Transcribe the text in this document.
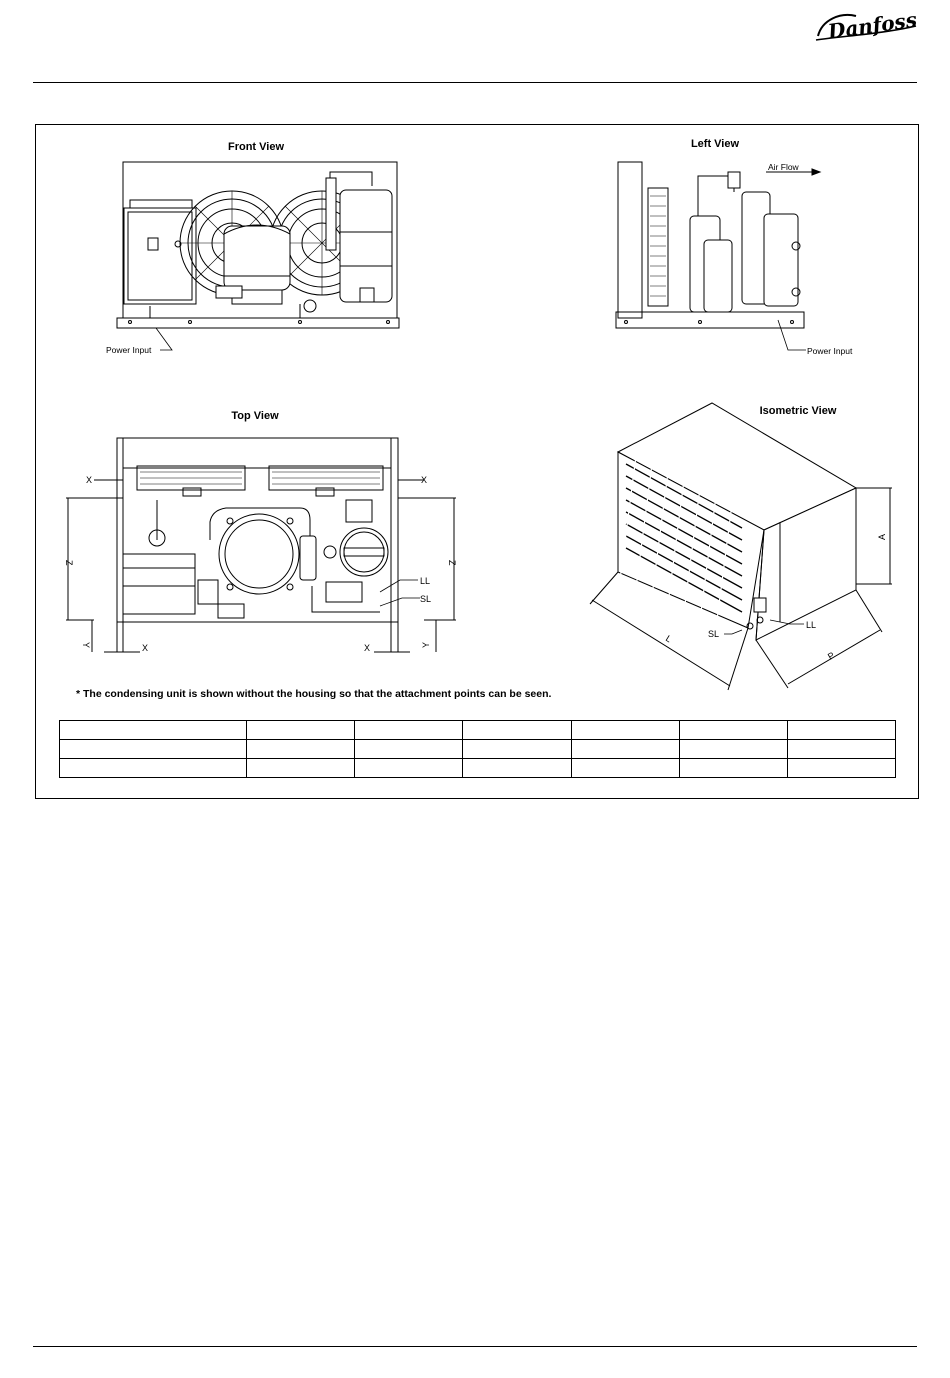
Danfoss
Front View
Power Input
Left View
Air Flow
Power Input
Top View
X	X
X	X
Z	Z
Y	Y
LL
SL
Isometric View
A
L
P
SL
LL
* The condensing unit is shown without the housing so that the attachment points can be seen.
